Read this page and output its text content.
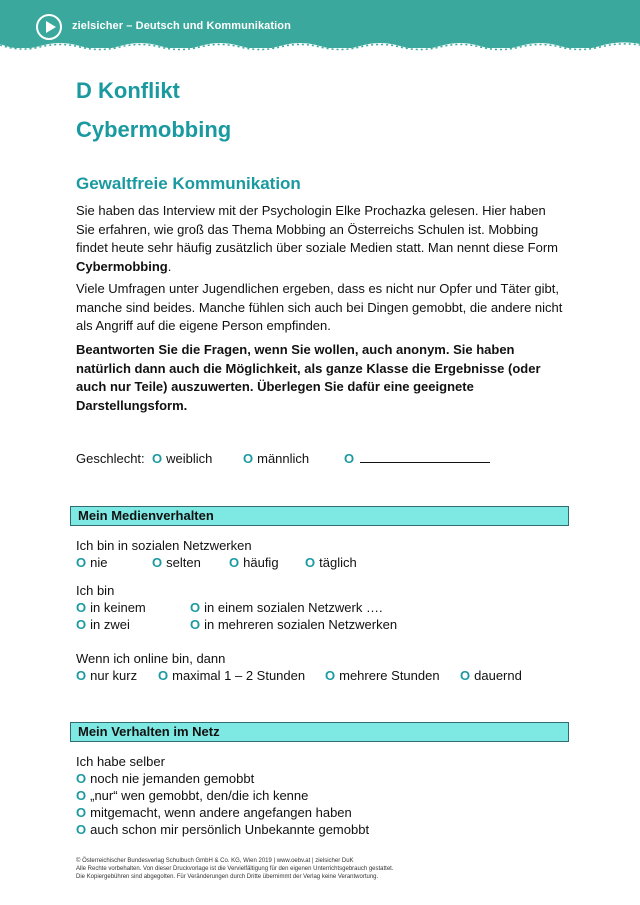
zielsicher – Deutsch und Kommunikation
D Konflikt
Cybermobbing
Gewaltfreie Kommunikation

Sie haben das Interview mit der Psychologin Elke Prochazka gelesen. Hier haben Sie erfahren, wie groß das Thema Mobbing an Österreichs Schulen ist. Mobbing findet heute sehr häufig zusätzlich über soziale Medien statt. Man nennt diese Form Cybermobbing.

Viele Umfragen unter Jugendlichen ergeben, dass es nicht nur Opfer und Täter gibt, manche sind beides. Manche fühlen sich auch bei Dingen gemobbt, die andere nicht als Angriff auf die eigene Person empfinden.

Beantworten Sie die Fragen, wenn Sie wollen, auch anonym. Sie haben natürlich dann auch die Möglichkeit, als ganze Klasse die Ergebnisse (oder auch nur Teile) auszuwerten. Überlegen Sie dafür eine geeignete Darstellungsform.

Geschlecht: O weiblich O männlich	O
Mein Medienverhalten
Ich bin in sozialen Netzwerken
O nie	O selten O häufig O täglich
Ich bin
O in keinem	O in einem sozialen Netzwerk ….
O in zwei	O in mehreren sozialen Netzwerken
Wenn ich online bin, dann
O nur kurz O maximal 1 – 2 Stunden O mehrere Stunden O dauernd
Mein Verhalten im Netz
Ich habe selber
O noch nie jemanden gemobbt
O „nur“ wen gemobbt, den/die ich kenne
O mitgemacht, wenn andere angefangen haben
O auch schon mir persönlich Unbekannte gemobbt
© Österreichischer Bundesverlag Schulbuch GmbH & Co. KG, Wien 2019 | www.oebv.at | zielsicher DuK
Alle Rechte vorbehalten. Von dieser Druckvorlage ist die Vervielfältigung für den eigenen Unterrichtsgebrauch gestattet.
Die Kopiergebühren sind abgegolten. Für Veränderungen durch Dritte übernimmt der Verlag keine Verantwortung.
